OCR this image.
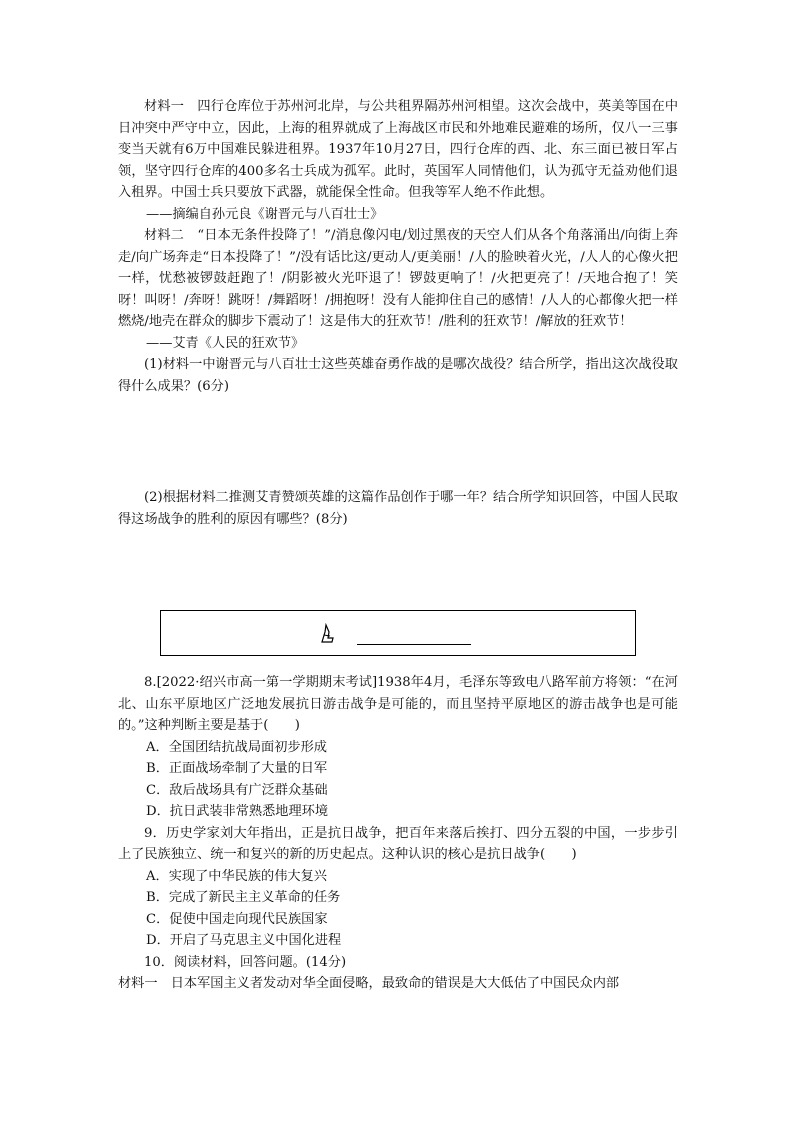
材料一　 四行仓库位于苏州河北岸，与公共租界隔苏州河相望。这次会战中，英美等国在中日冲突中严守中立，因此，上海的租界就成了上海战区市民和外地难民避难的场所，仅八一三事变当天就有6万中国难民躲进租界。1937年10月27日，四行仓库的西、北、东三面已被日军占领，坚守四行仓库的400多名士兵成为孤军。此时，英国军人同情他们，认为孤守无益劝他们退入租界。中国士兵只要放下武器，就能保全性命。但我等军人绝不作此想。

——摘编自孙元良《谢晋元与八百壮士》

材料二　 “日本无条件投降了！”/消息像闪电/划过黑夜的天空人们从各个角落涌出/向街上奔走/向广场奔走“日本投降了！”/没有话比这/更动人/更美丽！/人的脸映着火光，/人人的心像火把一样，忧愁被锣鼓赶跑了！/阴影被火光吓退了！锣鼓更响了！/火把更亮了！/天地合抱了！笑呀！叫呀！/奔呀！跳呀！/舞蹈呀！/拥抱呀！没有人能抑住自己的感情！/人人的心都像火把一样燃烧/地壳在群众的脚步下震动了！这是伟大的狂欢节！/胜利的狂欢节！/解放的狂欢节！

——艾青《人民的狂欢节》

(1)材料一中谢晋元与八百壮士这些英雄奋勇作战的是哪次战役？结合所学，指出这次战役取得什么成果？(6分)

(2)根据材料二推测艾青赞颂英雄的这篇作品创作于哪一年？结合所学知识回答，中国人民取得这场战争的胜利的原因有哪些？(8分)

8.[2022·绍兴市高一第一学期期末考试]1938年4月，毛泽东等致电八路军前方将领：“在河北、山东平原地区广泛地发展抗日游击战争是可能的，而且坚持平原地区的游击战争也是可能的。”这种判断主要是基于(　　)

A．全国团结抗战局面初步形成

B．正面战场牵制了大量的日军

C．敌后战场具有广泛群众基础

D．抗日武装非常熟悉地理环境

9．历史学家刘大年指出，正是抗日战争，把百年来落后挨打、四分五裂的中国，一步步引上了民族独立、统一和复兴的新的历史起点。这种认识的核心是抗日战争(　　)

A．实现了中华民族的伟大复兴

B．完成了新民主主义革命的任务

C．促使中国走向现代民族国家

D．开启了马克思主义中国化进程

10．阅读材料，回答问题。(14分)

材料一　 日本军国主义者发动对华全面侵略，最致命的错误是大大低估了中国民众内部
